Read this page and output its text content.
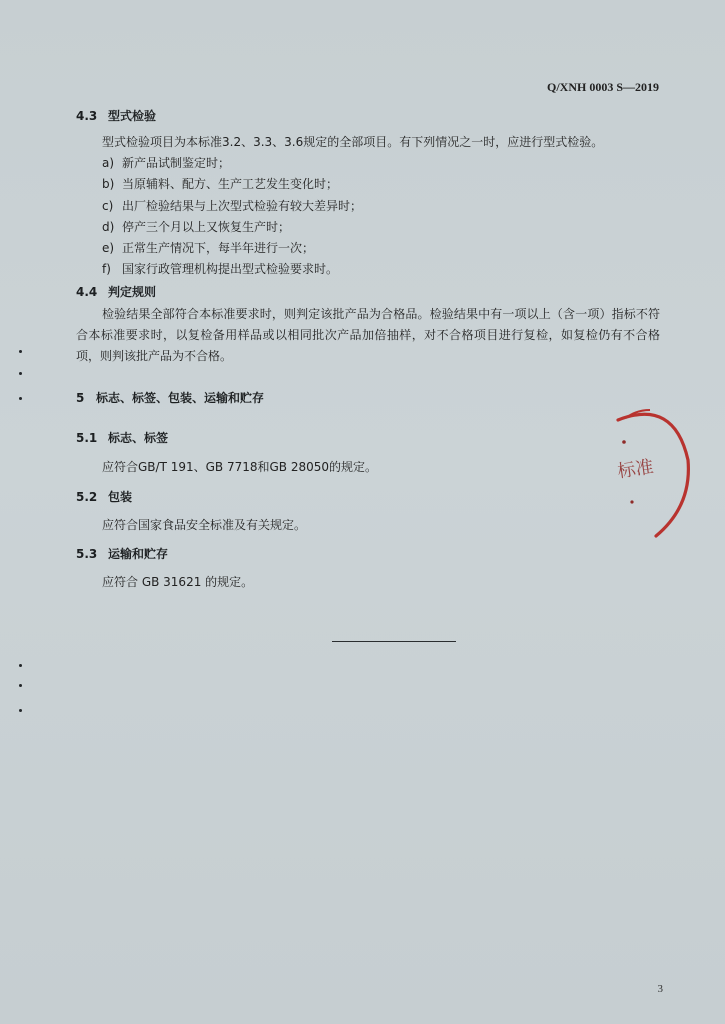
Q/XNH 0003 S—2019
4.3 型式检验
型式检验项目为本标准3.2、3.3、3.6规定的全部项目。有下列情况之一时，应进行型式检验。
a) 新产品试制鉴定时；
b) 当原辅料、配方、生产工艺发生变化时；
c) 出厂检验结果与上次型式检验有较大差异时；
d) 停产三个月以上又恢复生产时；
e) 正常生产情况下，每半年进行一次；
f) 国家行政管理机构提出型式检验要求时。
4.4 判定规则
检验结果全部符合本标准要求时，则判定该批产品为合格品。检验结果中有一项以上（含一项）指标不符合本标准要求时，以复检备用样品或以相同批次产品加倍抽样，对不合格项目进行复检，如复检仍有不合格项，则判该批产品为不合格。
5 标志、标签、包装、运输和贮存
5.1 标志、标签
应符合GB/T 191、GB 7718和GB 28050的规定。
5.2 包装
应符合国家食品安全标准及有关规定。
5.3 运输和贮存
应符合 GB 31621 的规定。
标准
3
